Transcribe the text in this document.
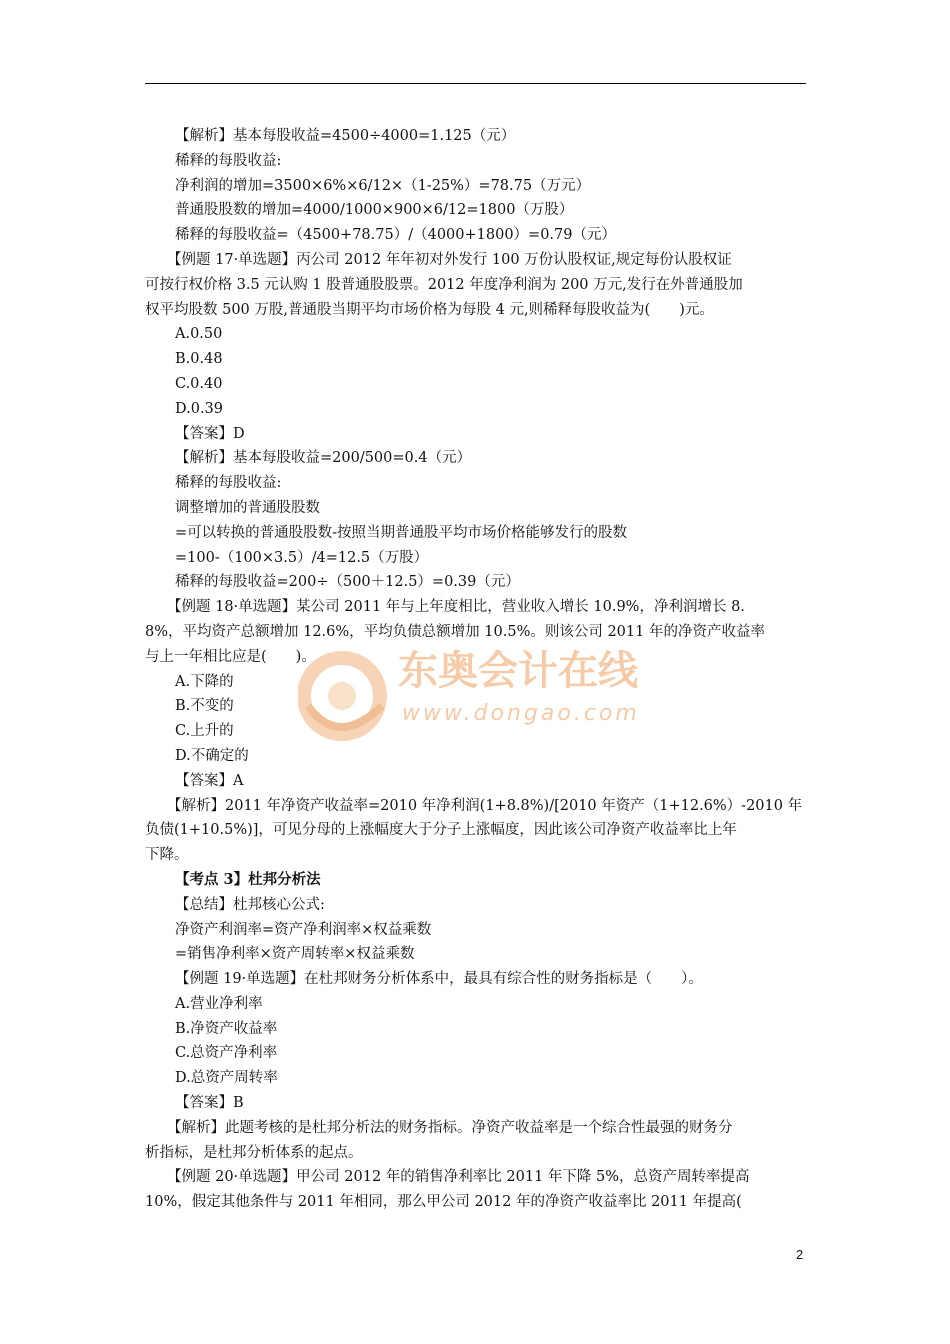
东奥会计在线
www.dongao.com
【解析】基本每股收益=4500÷4000=1.125（元）
稀释的每股收益:
净利润的增加=3500×6%×6/12×（1-25%）=78.75（万元）
普通股股数的增加=4000/1000×900×6/12=1800（万股）
稀释的每股收益=（4500+78.75）/（4000+1800）=0.79（元）
【例题 17·单选题】丙公司 2012 年年初对外发行 100 万份认股权证,规定每份认股权证
可按行权价格 3.5 元认购 1 股普通股股票。2012 年度净利润为 200 万元,发行在外普通股加
权平均股数 500 万股,普通股当期平均市场价格为每股 4 元,则稀释每股收益为(　　)元。
A.0.50
B.0.48
C.0.40
D.0.39
【答案】D
【解析】基本每股收益=200/500=0.4（元）
稀释的每股收益:
调整增加的普通股股数
=可以转换的普通股股数-按照当期普通股平均市场价格能够发行的股数
=100-（100×3.5）/4=12.5（万股）
稀释的每股收益=200÷（500＋12.5）=0.39（元）
【例题 18·单选题】某公司 2011 年与上年度相比，营业收入增长 10.9%，净利润增长 8.
8%，平均资产总额增加 12.6%，平均负债总额增加 10.5%。则该公司 2011 年的净资产收益率
与上一年相比应是(　　)。
A.下降的
B.不变的
C.上升的
D.不确定的
【答案】A
【解析】2011 年净资产收益率=2010 年净利润(1+8.8%)/[2010 年资产（1+12.6%）-2010 年
负债(1+10.5%)]，可见分母的上涨幅度大于分子上涨幅度，因此该公司净资产收益率比上年
下降。
【考点 3】杜邦分析法
【总结】杜邦核心公式:
净资产利润率=资产净利润率×权益乘数
=销售净利率×资产周转率×权益乘数
【例题 19·单选题】在杜邦财务分析体系中，最具有综合性的财务指标是（　　）。
A.营业净利率
B.净资产收益率
C.总资产净利率
D.总资产周转率
【答案】B
【解析】此题考核的是杜邦分析法的财务指标。净资产收益率是一个综合性最强的财务分
析指标，是杜邦分析体系的起点。
【例题 20·单选题】甲公司 2012 年的销售净利率比 2011 年下降 5%，总资产周转率提高
10%，假定其他条件与 2011 年相同，那么甲公司 2012 年的净资产收益率比 2011 年提高(
2
